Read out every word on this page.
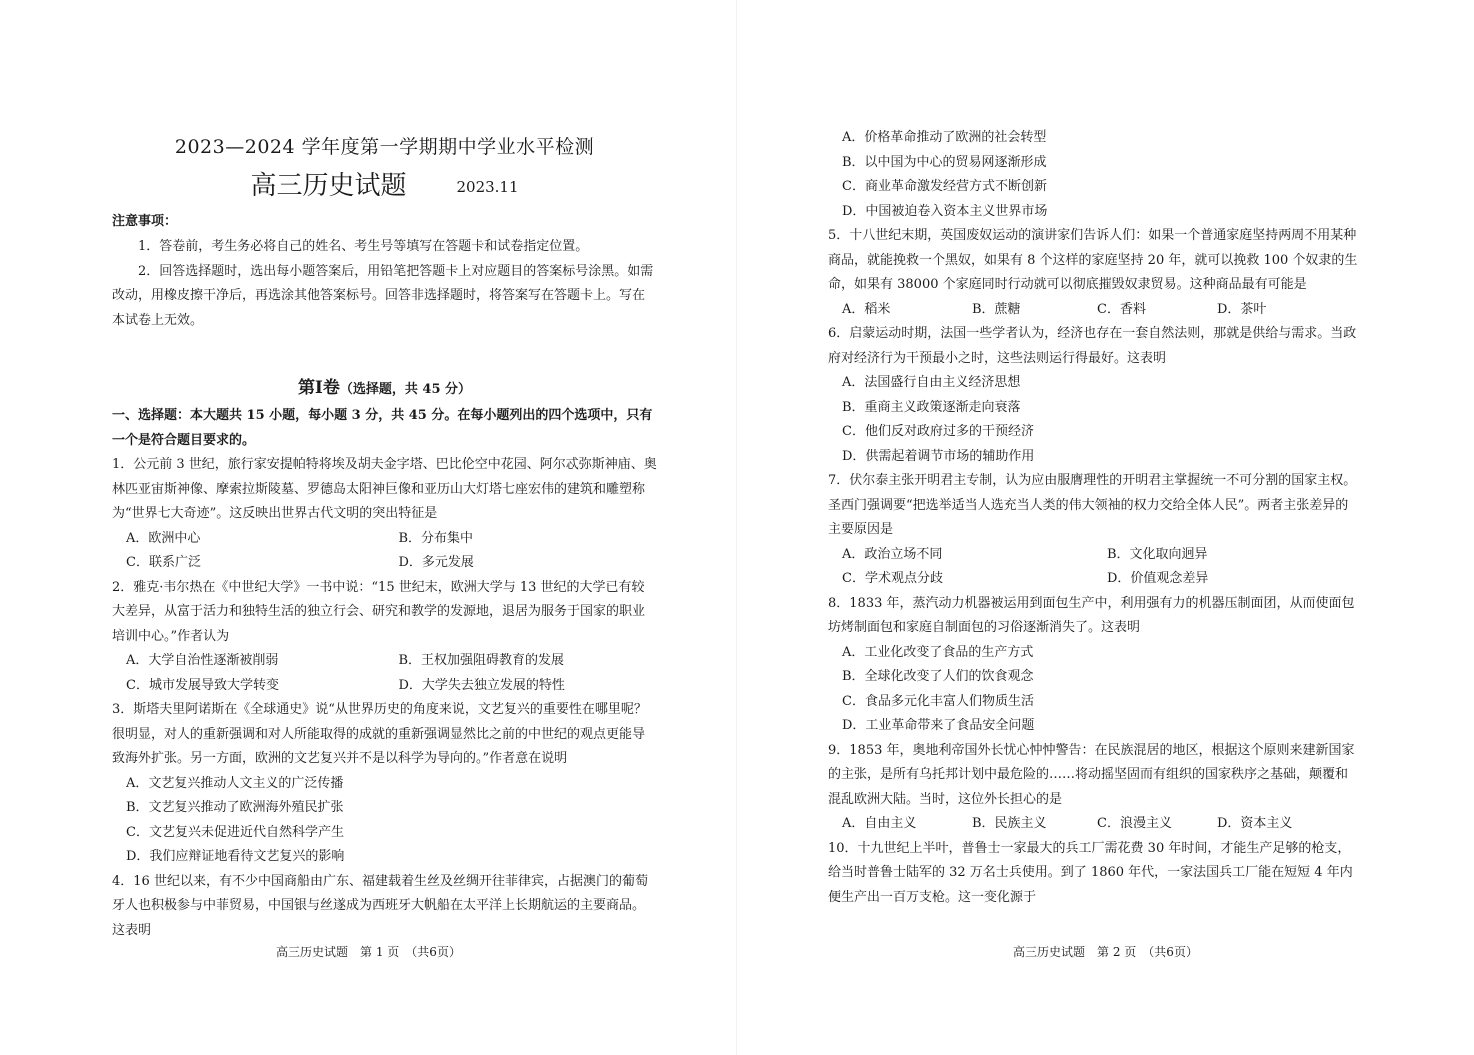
2023—2024 学年度第一学期期中学业水平检测
高三历史试题	2023.11
注意事项：

1．答卷前，考生务必将自己的姓名、考生号等填写在答题卡和试卷指定位置。

2．回答选择题时，选出每小题答案后，用铅笔把答题卡上对应题目的答案标号涂黑。如需改动，用橡皮擦干净后，再选涂其他答案标号。回答非选择题时，将答案写在答题卡上。写在本试卷上无效。

第Ⅰ卷（选择题，共 45 分）
一、选择题：本大题共 15 小题，每小题 3 分，共 45 分。在每小题列出的四个选项中，只有一个是符合题目要求的。
1．公元前 3 世纪，旅行家安提帕特将埃及胡夫金字塔、巴比伦空中花园、阿尔忒弥斯神庙、奥林匹亚宙斯神像、摩索拉斯陵墓、罗德岛太阳神巨像和亚历山大灯塔七座宏伟的建筑和雕塑称为“世界七大奇迹”。这反映出世界古代文明的突出特征是
A．欧洲中心	B．分布集中
C．联系广泛	D．多元发展
2．雅克·韦尔热在《中世纪大学》一书中说：“15 世纪末，欧洲大学与 13 世纪的大学已有较大差异，从富于活力和独特生活的独立行会、研究和教学的发源地，退居为服务于国家的职业培训中心。”作者认为
A．大学自治性逐渐被削弱	B．王权加强阻碍教育的发展
C．城市发展导致大学转变	D．大学失去独立发展的特性
3．斯塔夫里阿诺斯在《全球通史》说“从世界历史的角度来说，文艺复兴的重要性在哪里呢？很明显，对人的重新强调和对人所能取得的成就的重新强调显然比之前的中世纪的观点更能导致海外扩张。另一方面，欧洲的文艺复兴并不是以科学为导向的。”作者意在说明
A．文艺复兴推动人文主义的广泛传播
B．文艺复兴推动了欧洲海外殖民扩张
C．文艺复兴未促进近代自然科学产生
D．我们应辩证地看待文艺复兴的影响
4．16 世纪以来，有不少中国商船由广东、福建载着生丝及丝绸开往菲律宾，占据澳门的葡萄牙人也积极参与中菲贸易，中国银与丝遂成为西班牙大帆船在太平洋上长期航运的主要商品。这表明
高三历史试题　第 1 页　（共6页）
A．价格革命推动了欧洲的社会转型
B．以中国为中心的贸易网逐渐形成
C．商业革命激发经营方式不断创新
D．中国被迫卷入资本主义世界市场
5．十八世纪末期，英国废奴运动的演讲家们告诉人们：如果一个普通家庭坚持两周不用某种商品，就能挽救一个黑奴，如果有 8 个这样的家庭坚持 20 年，就可以挽救 100 个奴隶的生命，如果有 38000 个家庭同时行动就可以彻底摧毁奴隶贸易。这种商品最有可能是
A．稻米	B．蔗糖	C．香料	D．茶叶
6．启蒙运动时期，法国一些学者认为，经济也存在一套自然法则，那就是供给与需求。当政府对经济行为干预最小之时，这些法则运行得最好。这表明
A．法国盛行自由主义经济思想
B．重商主义政策逐渐走向衰落
C．他们反对政府过多的干预经济
D．供需起着调节市场的辅助作用
7．伏尔泰主张开明君主专制，认为应由服膺理性的开明君主掌握统一不可分割的国家主权。圣西门强调要“把选举适当人选充当人类的伟大领袖的权力交给全体人民”。两者主张差异的主要原因是
A．政治立场不同	B．文化取向迥异
C．学术观点分歧	D．价值观念差异
8．1833 年，蒸汽动力机器被运用到面包生产中，利用强有力的机器压制面团，从而使面包坊烤制面包和家庭自制面包的习俗逐渐消失了。这表明
A．工业化改变了食品的生产方式
B．全球化改变了人们的饮食观念
C．食品多元化丰富人们物质生活
D．工业革命带来了食品安全问题
9．1853 年，奥地利帝国外长忧心忡忡警告：在民族混居的地区，根据这个原则来建新国家的主张，是所有乌托邦计划中最危险的……将动摇坚固而有组织的国家秩序之基础，颠覆和混乱欧洲大陆。当时，这位外长担心的是
A．自由主义	B．民族主义	C．浪漫主义	D．资本主义
10．十九世纪上半叶，普鲁士一家最大的兵工厂需花费 30 年时间，才能生产足够的枪支，给当时普鲁士陆军的 32 万名士兵使用。到了 1860 年代，一家法国兵工厂能在短短 4 年内便生产出一百万支枪。这一变化源于
高三历史试题　第 2 页　（共6页）
